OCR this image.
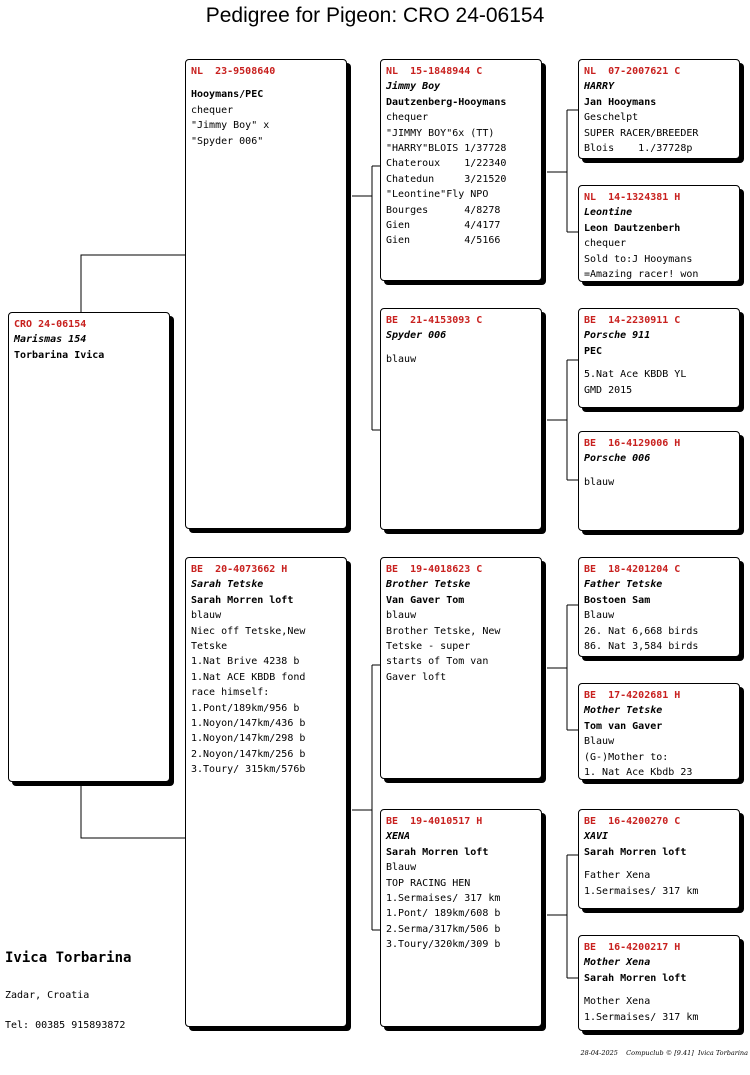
Pedigree for Pigeon: CRO 24-06154
CRO 24-06154
Marismas 154
Torbarina Ivica
NL  23-9508640
Hooymans/PEC
chequer
"Jimmy Boy" x
"Spyder 006"
BE  20-4073662 H
Sarah Tetske
Sarah Morren loft
blauw
Niec off Tetske,New
Tetske
1.Nat Brive 4238 b
1.Nat ACE KBDB fond
race himself:
1.Pont/189km/956 b
1.Noyon/147km/436 b
1.Noyon/147km/298 b
2.Noyon/147km/256 b
3.Toury/ 315km/576b
NL  15-1848944 C
Jimmy Boy
Dautzenberg-Hooymans
chequer
"JIMMY BOY"6x (TT)
"HARRY"BLOIS 1/37728
Chateroux    1/22340
Chatedun     3/21520
"Leontine"Fly NPO
Bourges      4/8278
Gien         4/4177
Gien         4/5166
BE  21-4153093 C
Spyder 006
blauw
BE  19-4018623 C
Brother Tetske
Van Gaver Tom
blauw
Brother Tetske, New
Tetske - super
starts of Tom van
Gaver loft
BE  19-4010517 H
XENA
Sarah Morren loft
Blauw
TOP RACING HEN
1.Sermaises/ 317 km
1.Pont/ 189km/608 b
2.Serma/317km/506 b
3.Toury/320km/309 b
NL  07-2007621 C
HARRY
Jan Hooymans
Geschelpt
SUPER RACER/BREEDER
Blois    1./37728p
NL  14-1324381 H
Leontine
Leon Dautzenberh
chequer
Sold to:J Hooymans
=Amazing racer! won
BE  14-2230911 C
Porsche 911
PEC
5.Nat Ace KBDB YL
GMD 2015
BE  16-4129006 H
Porsche 006
blauw
BE  18-4201204 C
Father Tetske
Bostoen Sam
Blauw
26. Nat 6,668 birds
86. Nat 3,584 birds
BE  17-4202681 H
Mother Tetske
Tom van Gaver
Blauw
(G-)Mother to:
1. Nat Ace Kbdb 23
BE  16-4200270 C
XAVI
Sarah Morren loft
Father Xena
1.Sermaises/ 317 km
BE  16-4200217 H
Mother Xena
Sarah Morren loft
Mother Xena
1.Sermaises/ 317 km
Ivica Torbarina
Zadar, Croatia
Tel: 00385 915893872
28-04-2025    Compuclub © [9.41]  Ivica Torbarina
